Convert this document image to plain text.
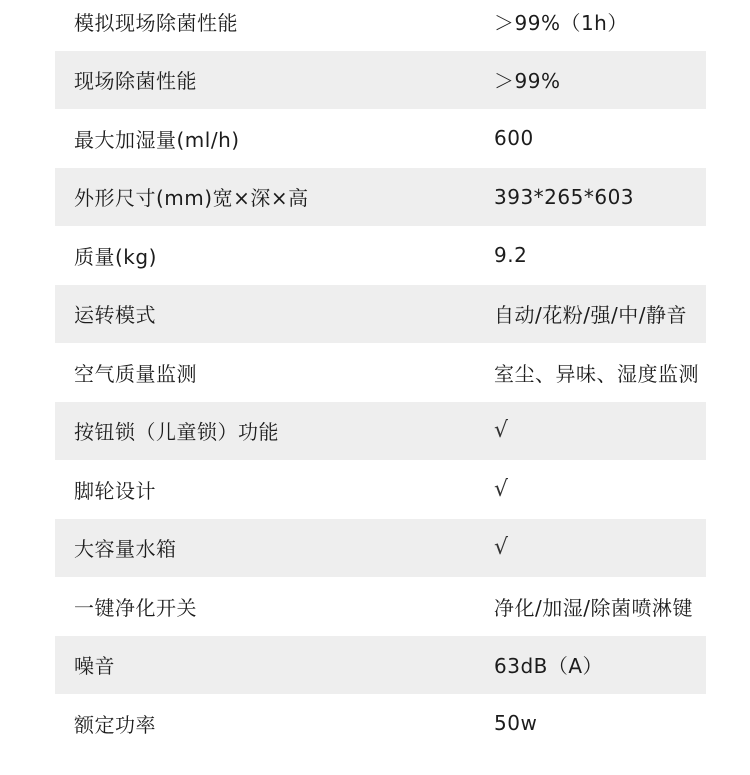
模拟现场除菌性能	＞99%（1h）
现场除菌性能	＞99%
最大加湿量(ml/h)	600
外形尺寸(mm)宽×深×高	393*265*603
质量(kg)	9.2
运转模式	自动/花粉/强/中/静音
空气质量监测	室尘、异味、湿度监测
按钮锁（儿童锁）功能	√
脚轮设计	√
大容量水箱	√
一键净化开关	净化/加湿/除菌喷淋键
噪音	63dB（A）
额定功率	50w
